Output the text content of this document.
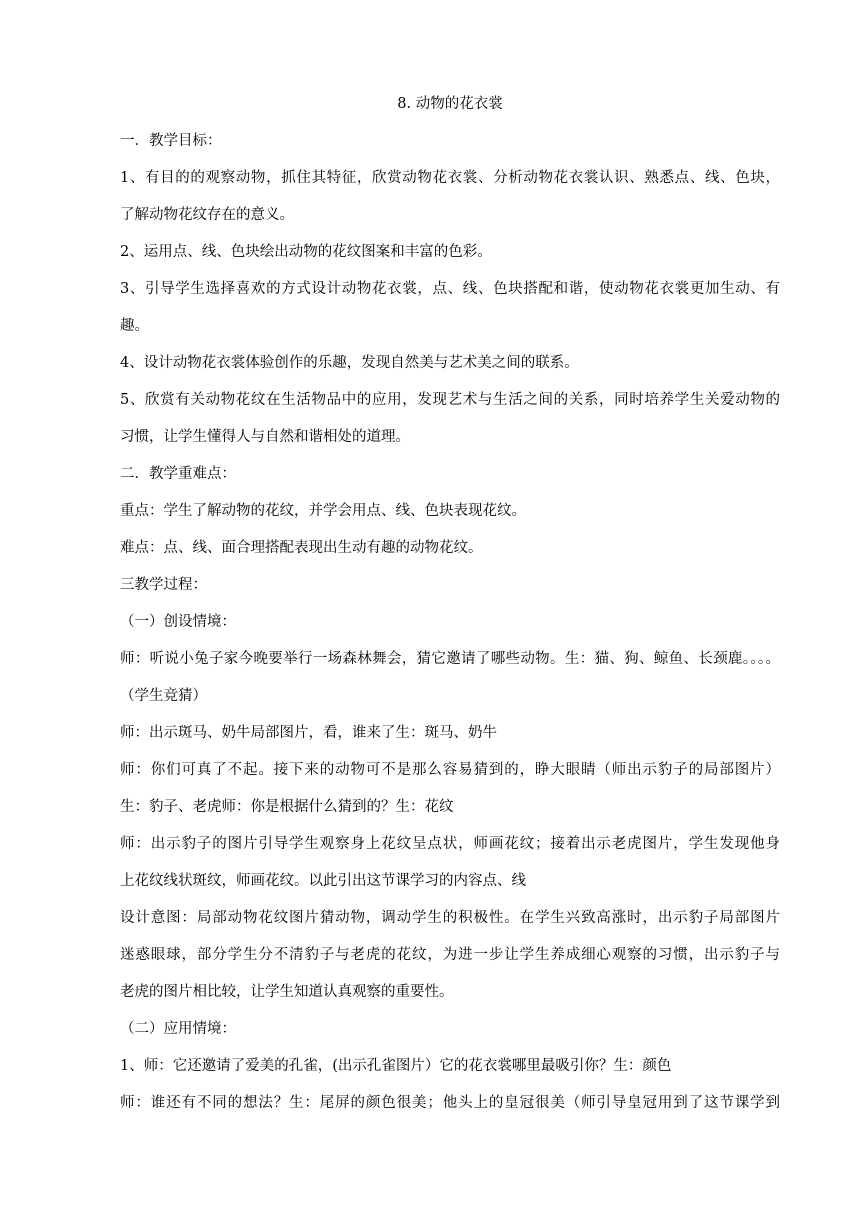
8. 动物的花衣裳

一．教学目标：

1、有目的的观察动物，抓住其特征，欣赏动物花衣裳、分析动物花衣裳认识、熟悉点、线、色块，

了解动物花纹存在的意义。

2、运用点、线、色块绘出动物的花纹图案和丰富的色彩。

3、引导学生选择喜欢的方式设计动物花衣裳，点、线、色块搭配和谐，使动物花衣裳更加生动、有

趣。

4、设计动物花衣裳体验创作的乐趣，发现自然美与艺术美之间的联系。

5、欣赏有关动物花纹在生活物品中的应用，发现艺术与生活之间的关系，同时培养学生关爱动物的

习惯，让学生懂得人与自然和谐相处的道理。

二．教学重难点：

重点：学生了解动物的花纹，并学会用点、线、色块表现花纹。

难点：点、线、面合理搭配表现出生动有趣的动物花纹。

三教学过程：

（一）创设情境：

师：听说小兔子家今晚要举行一场森林舞会，猜它邀请了哪些动物。生：猫、狗、鲸鱼、长颈鹿。。。。

（学生竞猜）

师：出示斑马、奶牛局部图片，看，谁来了生：斑马、奶牛

师：你们可真了不起。接下来的动物可不是那么容易猜到的，睁大眼睛（师出示豹子的局部图片）

生：豹子、老虎师：你是根据什么猜到的？生：花纹

师：出示豹子的图片引导学生观察身上花纹呈点状，师画花纹；接着出示老虎图片，学生发现他身

上花纹线状斑纹，师画花纹。以此引出这节课学习的内容点、线

设计意图：局部动物花纹图片猜动物，调动学生的积极性。在学生兴致高涨时，出示豹子局部图片

迷惑眼球，部分学生分不清豹子与老虎的花纹，为进一步让学生养成细心观察的习惯，出示豹子与

老虎的图片相比较，让学生知道认真观察的重要性。

（二）应用情境：

1、师：它还邀请了爱美的孔雀，(出示孔雀图片）它的花衣裳哪里最吸引你？生：颜色

师：谁还有不同的想法？生：尾屏的颜色很美；他头上的皇冠很美（师引导皇冠用到了这节课学到
